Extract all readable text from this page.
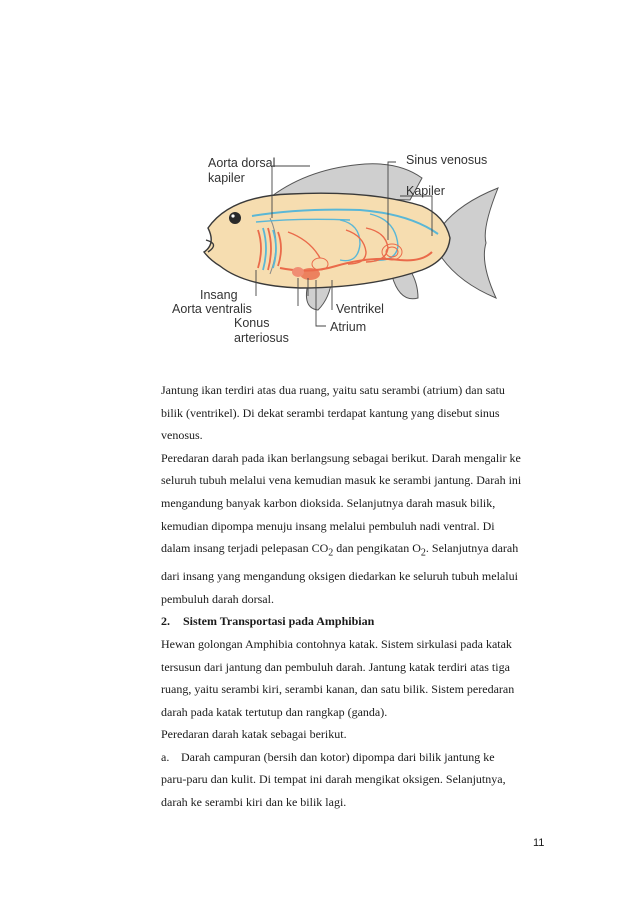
Aorta dorsal
kapiler
Sinus venosus
Kapiler
Insang
Aorta ventralis
Konus
arteriosus
Ventrikel
Atrium

Jantung ikan terdiri atas dua ruang, yaitu satu serambi (atrium) dan satu
bilik (ventrikel). Di dekat serambi terdapat kantung yang disebut sinus
venosus.

Peredaran darah pada ikan berlangsung sebagai berikut. Darah mengalir ke
seluruh tubuh melalui vena kemudian masuk ke serambi jantung. Darah ini
mengandung banyak karbon dioksida. Selanjutnya darah masuk bilik,
kemudian dipompa menuju insang melalui pembuluh nadi ventral. Di
dalam insang terjadi pelepasan $CO_2$ dan pengikatan $O_2$. Selanjutnya darah
dari insang yang mengandung oksigen diedarkan ke seluruh tubuh melalui
pembuluh darah dorsal.

2. Sistem Transportasi pada Amphibian

Hewan golongan Amphibia contohnya katak. Sistem sirkulasi pada katak
tersusun dari jantung dan pembuluh darah. Jantung katak terdiri atas tiga
ruang, yaitu serambi kiri, serambi kanan, dan satu bilik. Sistem peredaran
darah pada katak tertutup dan rangkap (ganda).

Peredaran darah katak sebagai berikut.

a. Darah campuran (bersih dan kotor) dipompa dari bilik jantung ke
paru-paru dan kulit. Di tempat ini darah mengikat oksigen. Selanjutnya,
darah ke serambi kiri dan ke bilik lagi.

11
